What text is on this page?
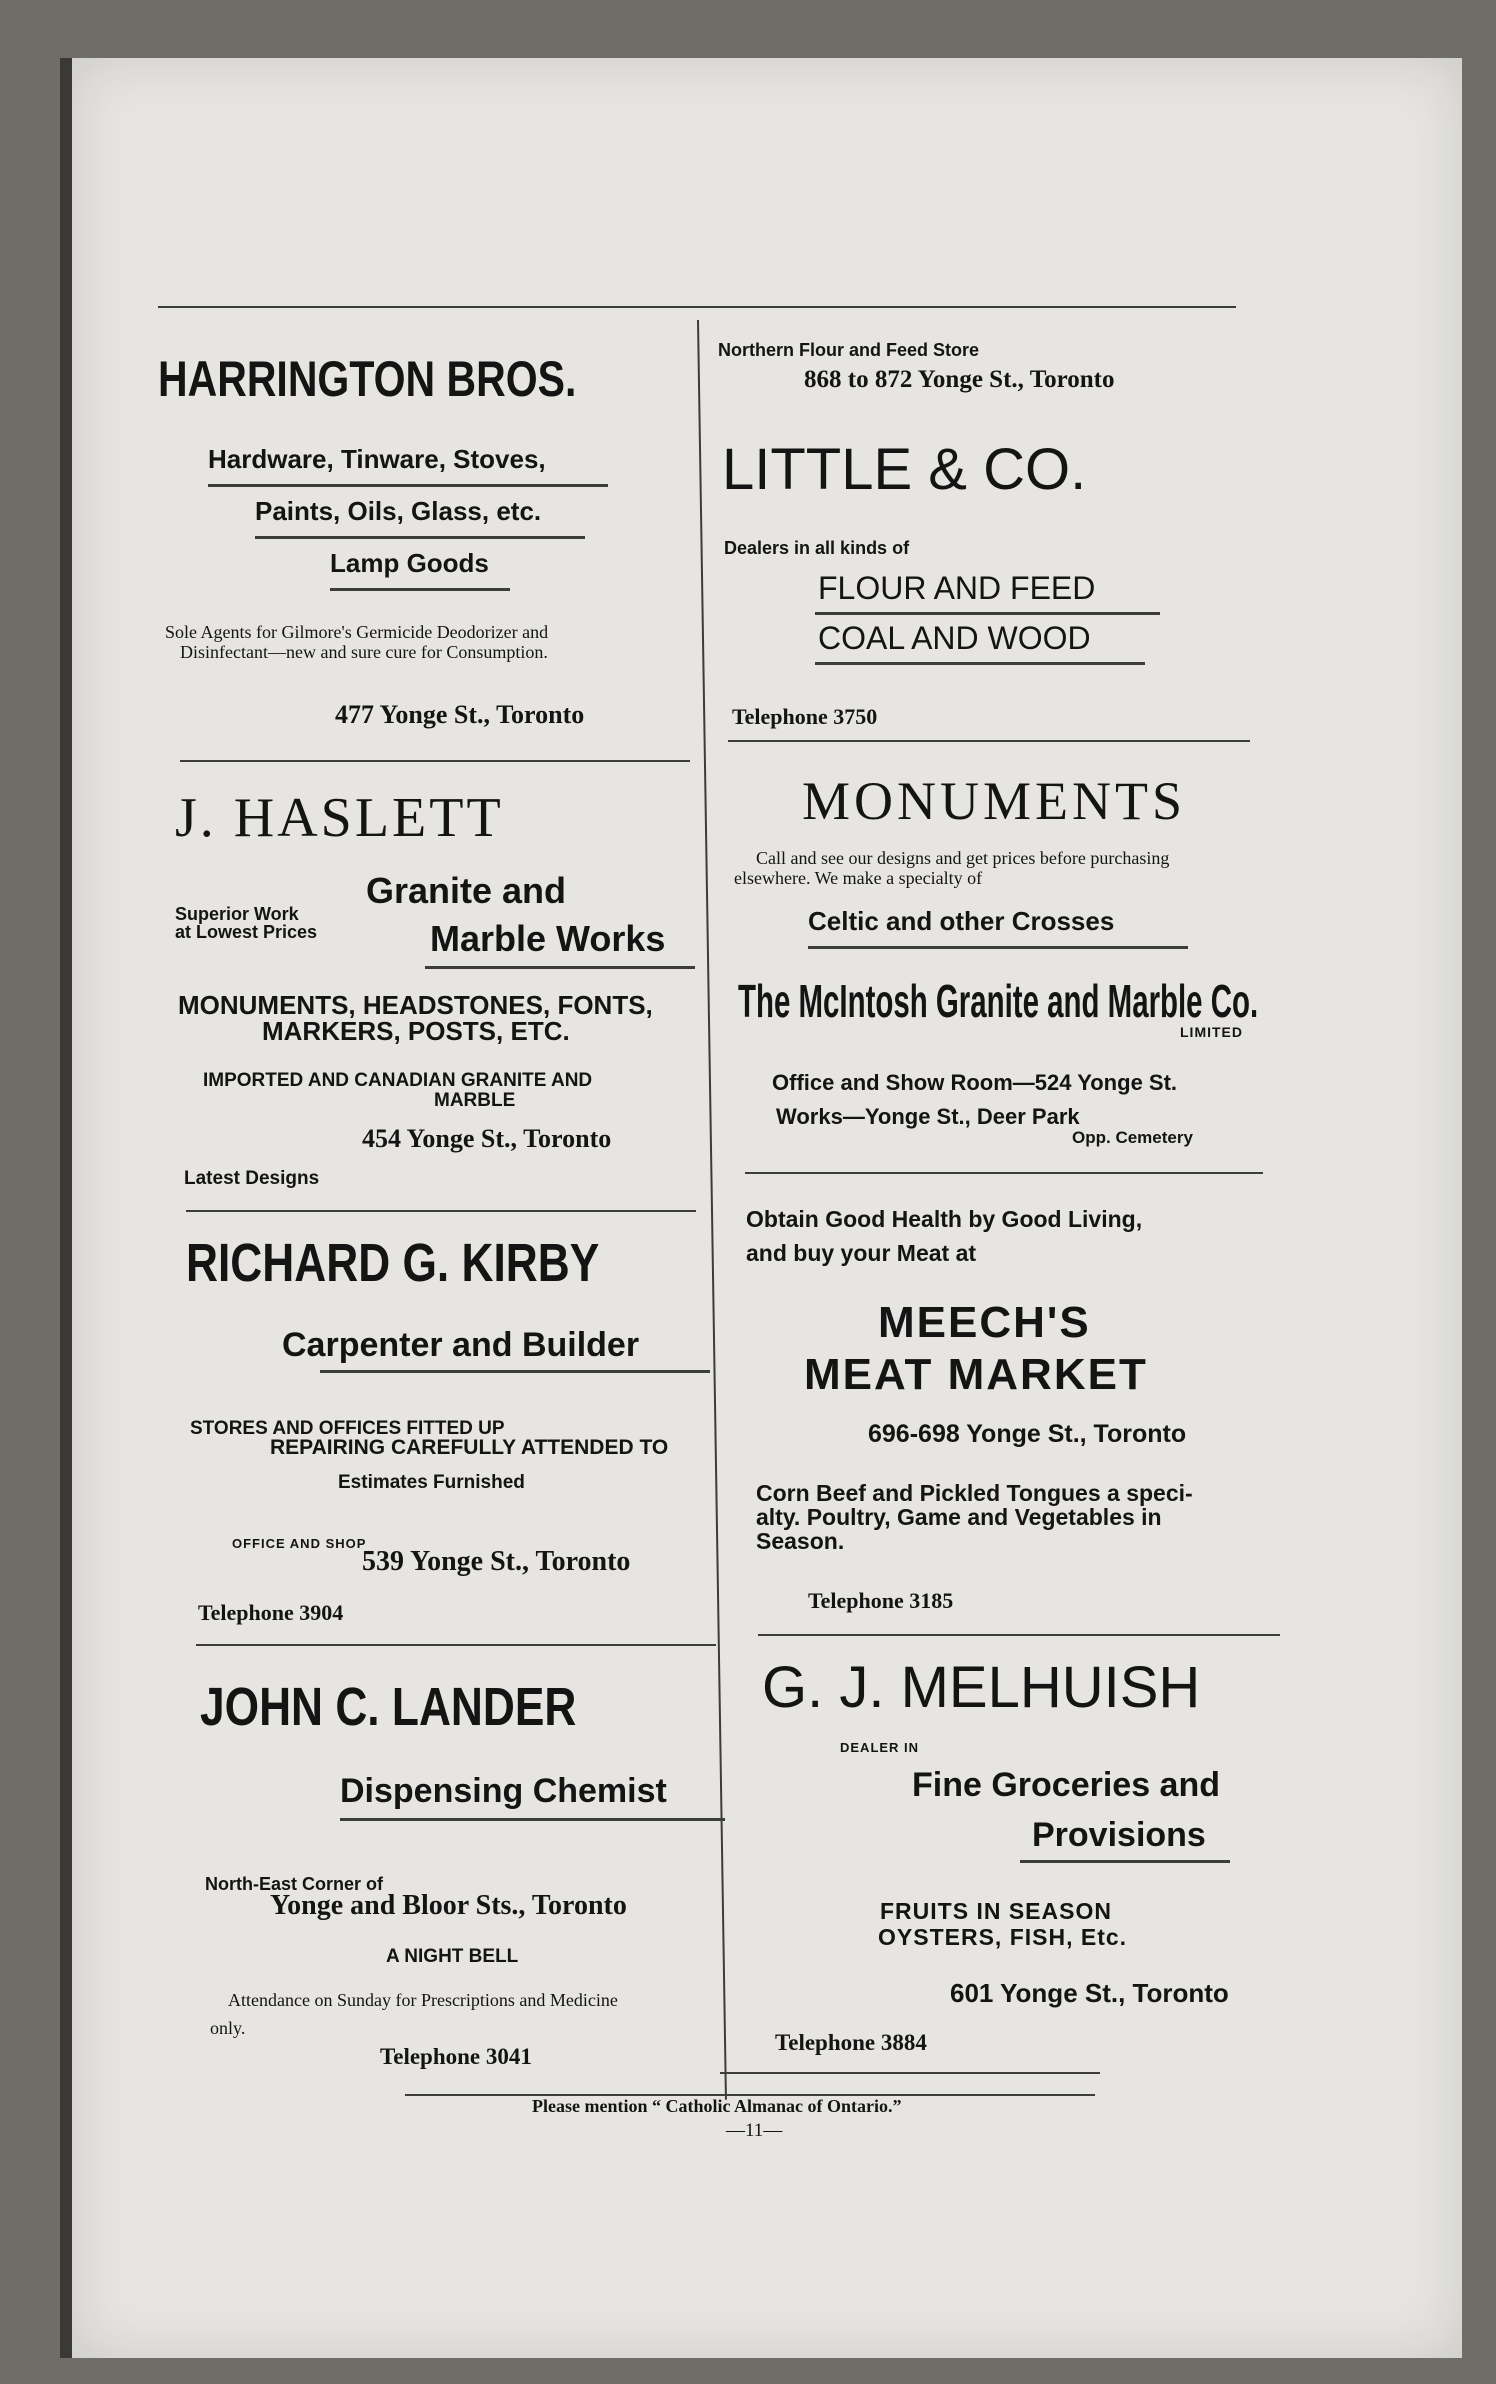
HARRINGTON BROS.
Hardware, Tinware, Stoves,
Paints, Oils, Glass, etc.
Lamp Goods
Sole Agents for Gilmore's Germicide Deodorizer and
Disinfectant—new and sure cure for Consumption.
477 Yonge St., Toronto
Northern Flour and Feed Store
868 to 872 Yonge St., Toronto
LITTLE & CO.
Dealers in all kinds of
FLOUR AND FEED
COAL AND WOOD
Telephone 3750
J. HASLETT
Superior Work
at Lowest Prices
Granite and
Marble Works
MONUMENTS, HEADSTONES, FONTS,
MARKERS, POSTS, ETC.
IMPORTED AND CANADIAN GRANITE AND
MARBLE
454 Yonge St., Toronto
Latest Designs
MONUMENTS
Call and see our designs and get prices before purchasing
elsewhere. We make a specialty of
Celtic and other Crosses
The McIntosh Granite and Marble Co.
LIMITED
Office and Show Room—524 Yonge St.
Works—Yonge St., Deer Park
Opp. Cemetery
RICHARD G. KIRBY
Carpenter and Builder
STORES AND OFFICES FITTED UP
REPAIRING CAREFULLY ATTENDED TO
Estimates Furnished
OFFICE AND SHOP
539 Yonge St., Toronto
Telephone 3904
Obtain Good Health by Good Living,
and buy your Meat at
MEECH'S
MEAT MARKET
696-698 Yonge St., Toronto
Corn Beef and Pickled Tongues a speci-
alty. Poultry, Game and Vegetables in
Season.
Telephone 3185
JOHN C. LANDER
Dispensing Chemist
North-East Corner of
Yonge and Bloor Sts., Toronto
A NIGHT BELL
Attendance on Sunday for Prescriptions and Medicine
only.
Telephone 3041
G. J. MELHUISH
DEALER IN
Fine Groceries and
Provisions
FRUITS IN SEASON
OYSTERS, FISH, Etc.
601 Yonge St., Toronto
Telephone 3884
Please mention “ Catholic Almanac of Ontario.”
—11—
